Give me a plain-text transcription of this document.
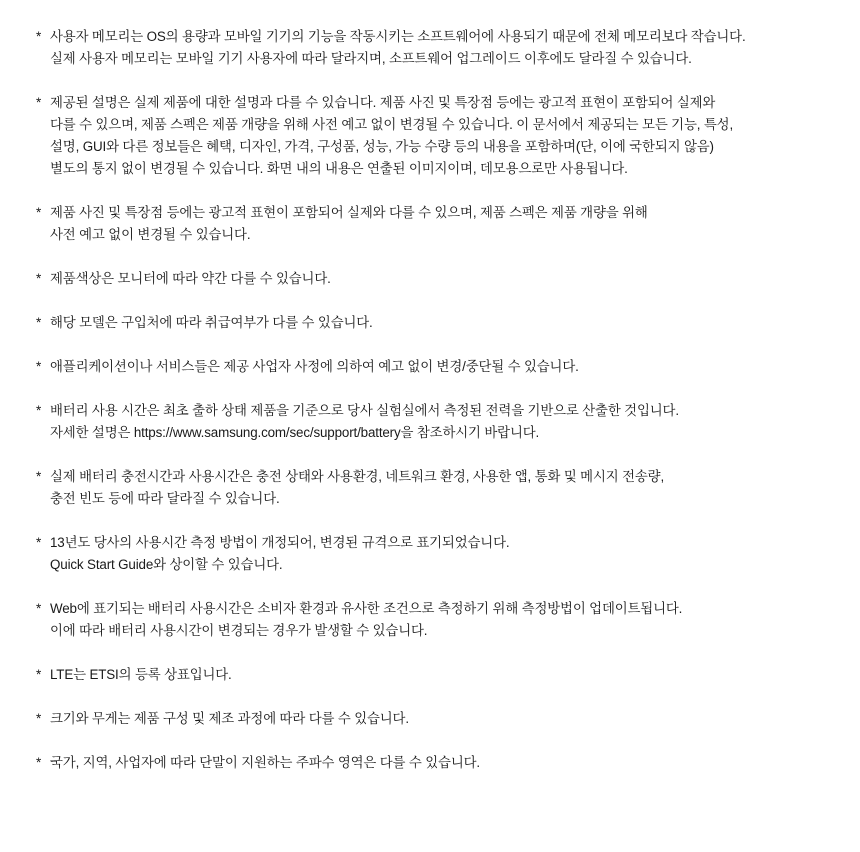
* 사용자 메모리는 OS의 용량과 모바일 기기의 기능을 작동시키는 소프트웨어에 사용되기 때문에 전체 메모리보다 작습니다.
실제 사용자 메모리는 모바일 기기 사용자에 따라 달라지며, 소프트웨어 업그레이드 이후에도 달라질 수 있습니다.
* 제공된 설명은 실제 제품에 대한 설명과 다를 수 있습니다. 제품 사진 및 특장점 등에는 광고적 표현이 포함되어 실제와
다를 수 있으며, 제품 스펙은 제품 개량을 위해 사전 예고 없이 변경될 수 있습니다. 이 문서에서 제공되는 모든 기능, 특성,
설명, GUI와 다른 정보들은 혜택, 디자인, 가격, 구성품, 성능, 가능 수량 등의 내용을 포함하며(단, 이에 국한되지 않음)
별도의 통지 없이 변경될 수 있습니다. 화면 내의 내용은 연출된 이미지이며, 데모용으로만 사용됩니다.
* 제품 사진 및 특장점 등에는 광고적 표현이 포함되어 실제와 다를 수 있으며, 제품 스펙은 제품 개량을 위해
사전 예고 없이 변경될 수 있습니다.
* 제품색상은 모니터에 따라 약간 다를 수 있습니다.
* 해당 모델은 구입처에 따라 취급여부가 다를 수 있습니다.
* 애플리케이션이나 서비스들은 제공 사업자 사정에 의하여 예고 없이 변경/중단될 수 있습니다.
* 배터리 사용 시간은 최초 출하 상태 제품을 기준으로 당사 실험실에서 측정된 전력을 기반으로 산출한 것입니다.
자세한 설명은 https://www.samsung.com/sec/support/battery을 참조하시기 바랍니다.
* 실제 배터리 충전시간과 사용시간은 충전 상태와 사용환경, 네트워크 환경, 사용한 앱, 통화 및 메시지 전송량,
충전 빈도 등에 따라 달라질 수 있습니다.
* 13년도 당사의 사용시간 측정 방법이 개정되어, 변경된 규격으로 표기되었습니다.
Quick Start Guide와 상이할 수 있습니다.
* Web에 표기되는 배터리 사용시간은 소비자 환경과 유사한 조건으로 측정하기 위해 측정방법이 업데이트됩니다.
이에 따라 배터리 사용시간이 변경되는 경우가 발생할 수 있습니다.
* LTE는 ETSI의 등록 상표입니다.
* 크기와 무게는 제품 구성 및 제조 과정에 따라 다를 수 있습니다.
* 국가, 지역, 사업자에 따라 단말이 지원하는 주파수 영역은 다를 수 있습니다.
